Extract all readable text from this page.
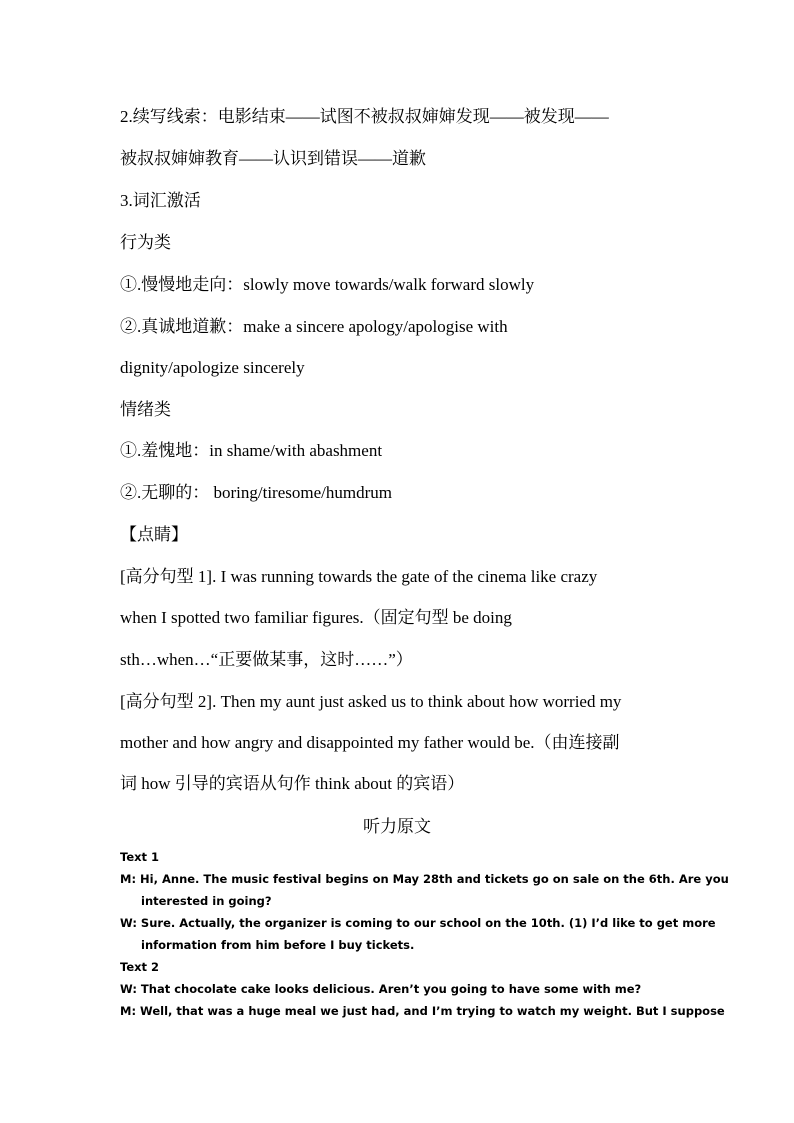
2.续写线索：电影结束——试图不被叔叔婶婶发现——被发现——
被叔叔婶婶教育——认识到错误——道歉
3.词汇激活
行为类
①.慢慢地走向：slowly move towards/walk forward slowly
②.真诚地道歉：make a sincere apology/apologise with
dignity/apologize sincerely
情绪类
①.羞愧地：in shame/with abashment
②.无聊的： boring/tiresome/humdrum
【点睛】
[高分句型 1]. I was running towards the gate of the cinema like crazy
when I spotted two familiar figures.（固定句型 be doing
sth…when…“正要做某事，这时……”）
[高分句型 2]. Then my aunt just asked us to think about how worried my
mother and how angry and disappointed my father would be.（由连接副
词 how 引导的宾语从句作 think about 的宾语）
听力原文
Text 1
M: Hi, Anne. The music festival begins on May 28th and tickets go on sale on the 6th. Are you
interested in going?
W: Sure. Actually, the organizer is coming to our school on the 10th. (1) I’d like to get more
information from him before I buy tickets.
Text 2
W: That chocolate cake looks delicious. Aren’t you going to have some with me?
M: Well, that was a huge meal we just had, and I’m trying to watch my weight. But I suppose
